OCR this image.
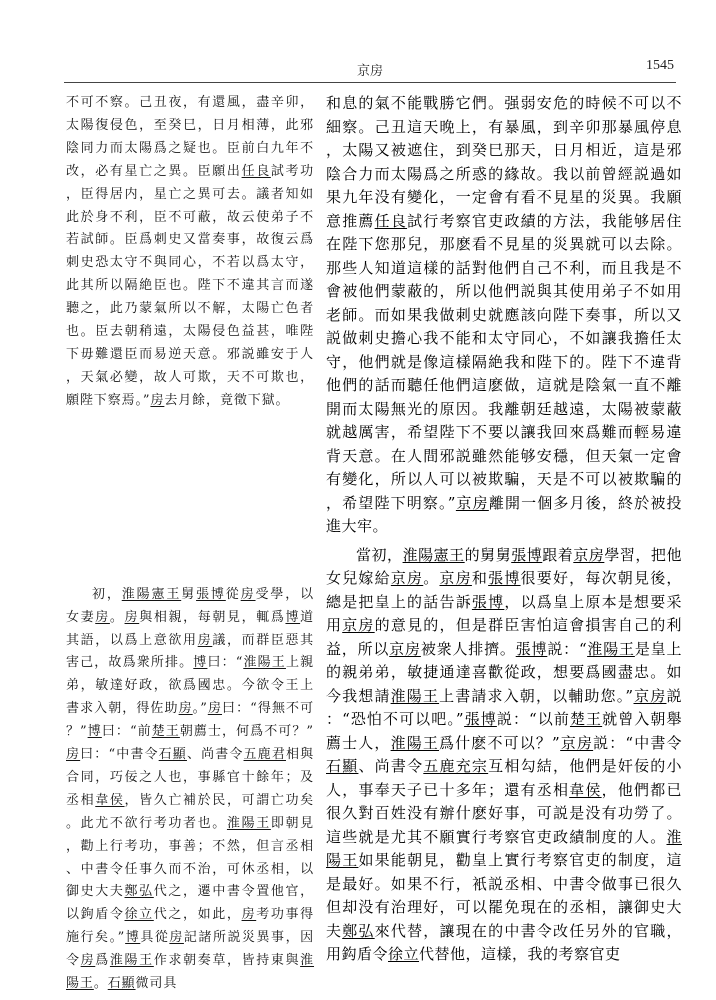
京房	1545

不可不察。己丑夜，有還風，盡辛卯，太陽復侵色，至癸巳，日月相薄，此邪陰同力而太陽爲之疑也。臣前白九年不改，必有星亡之異。臣願出任良試考功，臣得居内，星亡之異可去。議者知如此於身不利，臣不可蔽，故云使弟子不若試師。臣爲刺史又當奏事，故復云爲刺史恐太守不與同心，不若以爲太守，此其所以隔絶臣也。陛下不違其言而遂聽之，此乃蒙氣所以不解，太陽亡色者也。臣去朝稍遠，太陽侵色益甚，唯陛下毋難還臣而易逆天意。邪説雖安于人，天氣必變，故人可欺，天不可欺也，願陛下察焉。”房去月餘，竟徵下獄。

初，淮陽憲王舅張博從房受學，以女妻房。房與相親，每朝見，輒爲博道其語，以爲上意欲用房議，而群臣惡其害己，故爲衆所排。博曰：“淮陽王上親弟，敏達好政，欲爲國忠。今欲令王上書求入朝，得佐助房。”房曰：“得無不可？”博曰：“前楚王朝薦士，何爲不可？”房曰：“中書令石顯、尚書令五鹿君相與合同，巧佞之人也，事縣官十餘年；及丞相韋侯，皆久亡補於民，可謂亡功矣。此尤不欲行考功者也。淮陽王即朝見，勸上行考功，事善；不然，但言丞相、中書令任事久而不治，可休丞相，以御史大夫鄭弘代之，遷中書令置他官，以鉤盾令徐立代之，如此，房考功事得施行矣。”博具從房記諸所説災異事，因令房爲淮陽王作求朝奏草，皆持東與淮陽王。石顯微司具

和息的氣不能戰勝它們。强弱安危的時候不可以不細察。己丑這天晚上，有暴風，到辛卯那暴風停息，太陽又被遮住，到癸巳那天，日月相近，這是邪陰合力而太陽爲之所惑的緣故。我以前曾經説過如果九年没有變化，一定會有看不見星的災異。我願意推薦任良試行考察官吏政績的方法，我能够居住在陛下您那兒，那麽看不見星的災異就可以去除。那些人知道這樣的話對他們自己不利，而且我是不會被他們蒙蔽的，所以他們説與其使用弟子不如用老師。而如果我做刺史就應該向陛下奏事，所以又説做刺史擔心我不能和太守同心，不如讓我擔任太守，他們就是像這樣隔絶我和陛下的。陛下不違背他們的話而聽任他們這麽做，這就是陰氣一直不離開而太陽無光的原因。我離朝廷越遠，太陽被蒙蔽就越厲害，希望陛下不要以讓我回來爲難而輕易違背天意。在人間邪説雖然能够安穩，但天氣一定會有變化，所以人可以被欺騙，天是不可以被欺騙的，希望陛下明察。”京房離開一個多月後，終於被投進大牢。

當初，淮陽憲王的舅舅張博跟着京房學習，把他女兒嫁給京房。京房和張博很要好，每次朝見後，總是把皇上的話告訴張博，以爲皇上原本是想要采用京房的意見的，但是群臣害怕這會損害自己的利益，所以京房被衆人排擠。張博説：“淮陽王是皇上的親弟弟，敏捷通達喜歡從政，想要爲國盡忠。如今我想請淮陽王上書請求入朝，以輔助您。”京房説：“恐怕不可以吧。”張博説：“以前楚王就曾入朝舉薦士人，淮陽王爲什麽不可以？”京房説：“中書令石顯、尚書令五鹿充宗互相勾結，他們是奸佞的小人，事奉天子已十多年；還有丞相韋侯，他們都已很久對百姓没有辦什麽好事，可説是没有功勞了。這些就是尤其不願實行考察官吏政績制度的人。淮陽王如果能朝見，勸皇上實行考察官吏的制度，這是最好。如果不行，衹説丞相、中書令做事已很久但却没有治理好，可以罷免現在的丞相，讓御史大夫鄭弘來代替，讓現在的中書令改任另外的官職，用鈎盾令徐立代替他，這樣，我的考察官吏
